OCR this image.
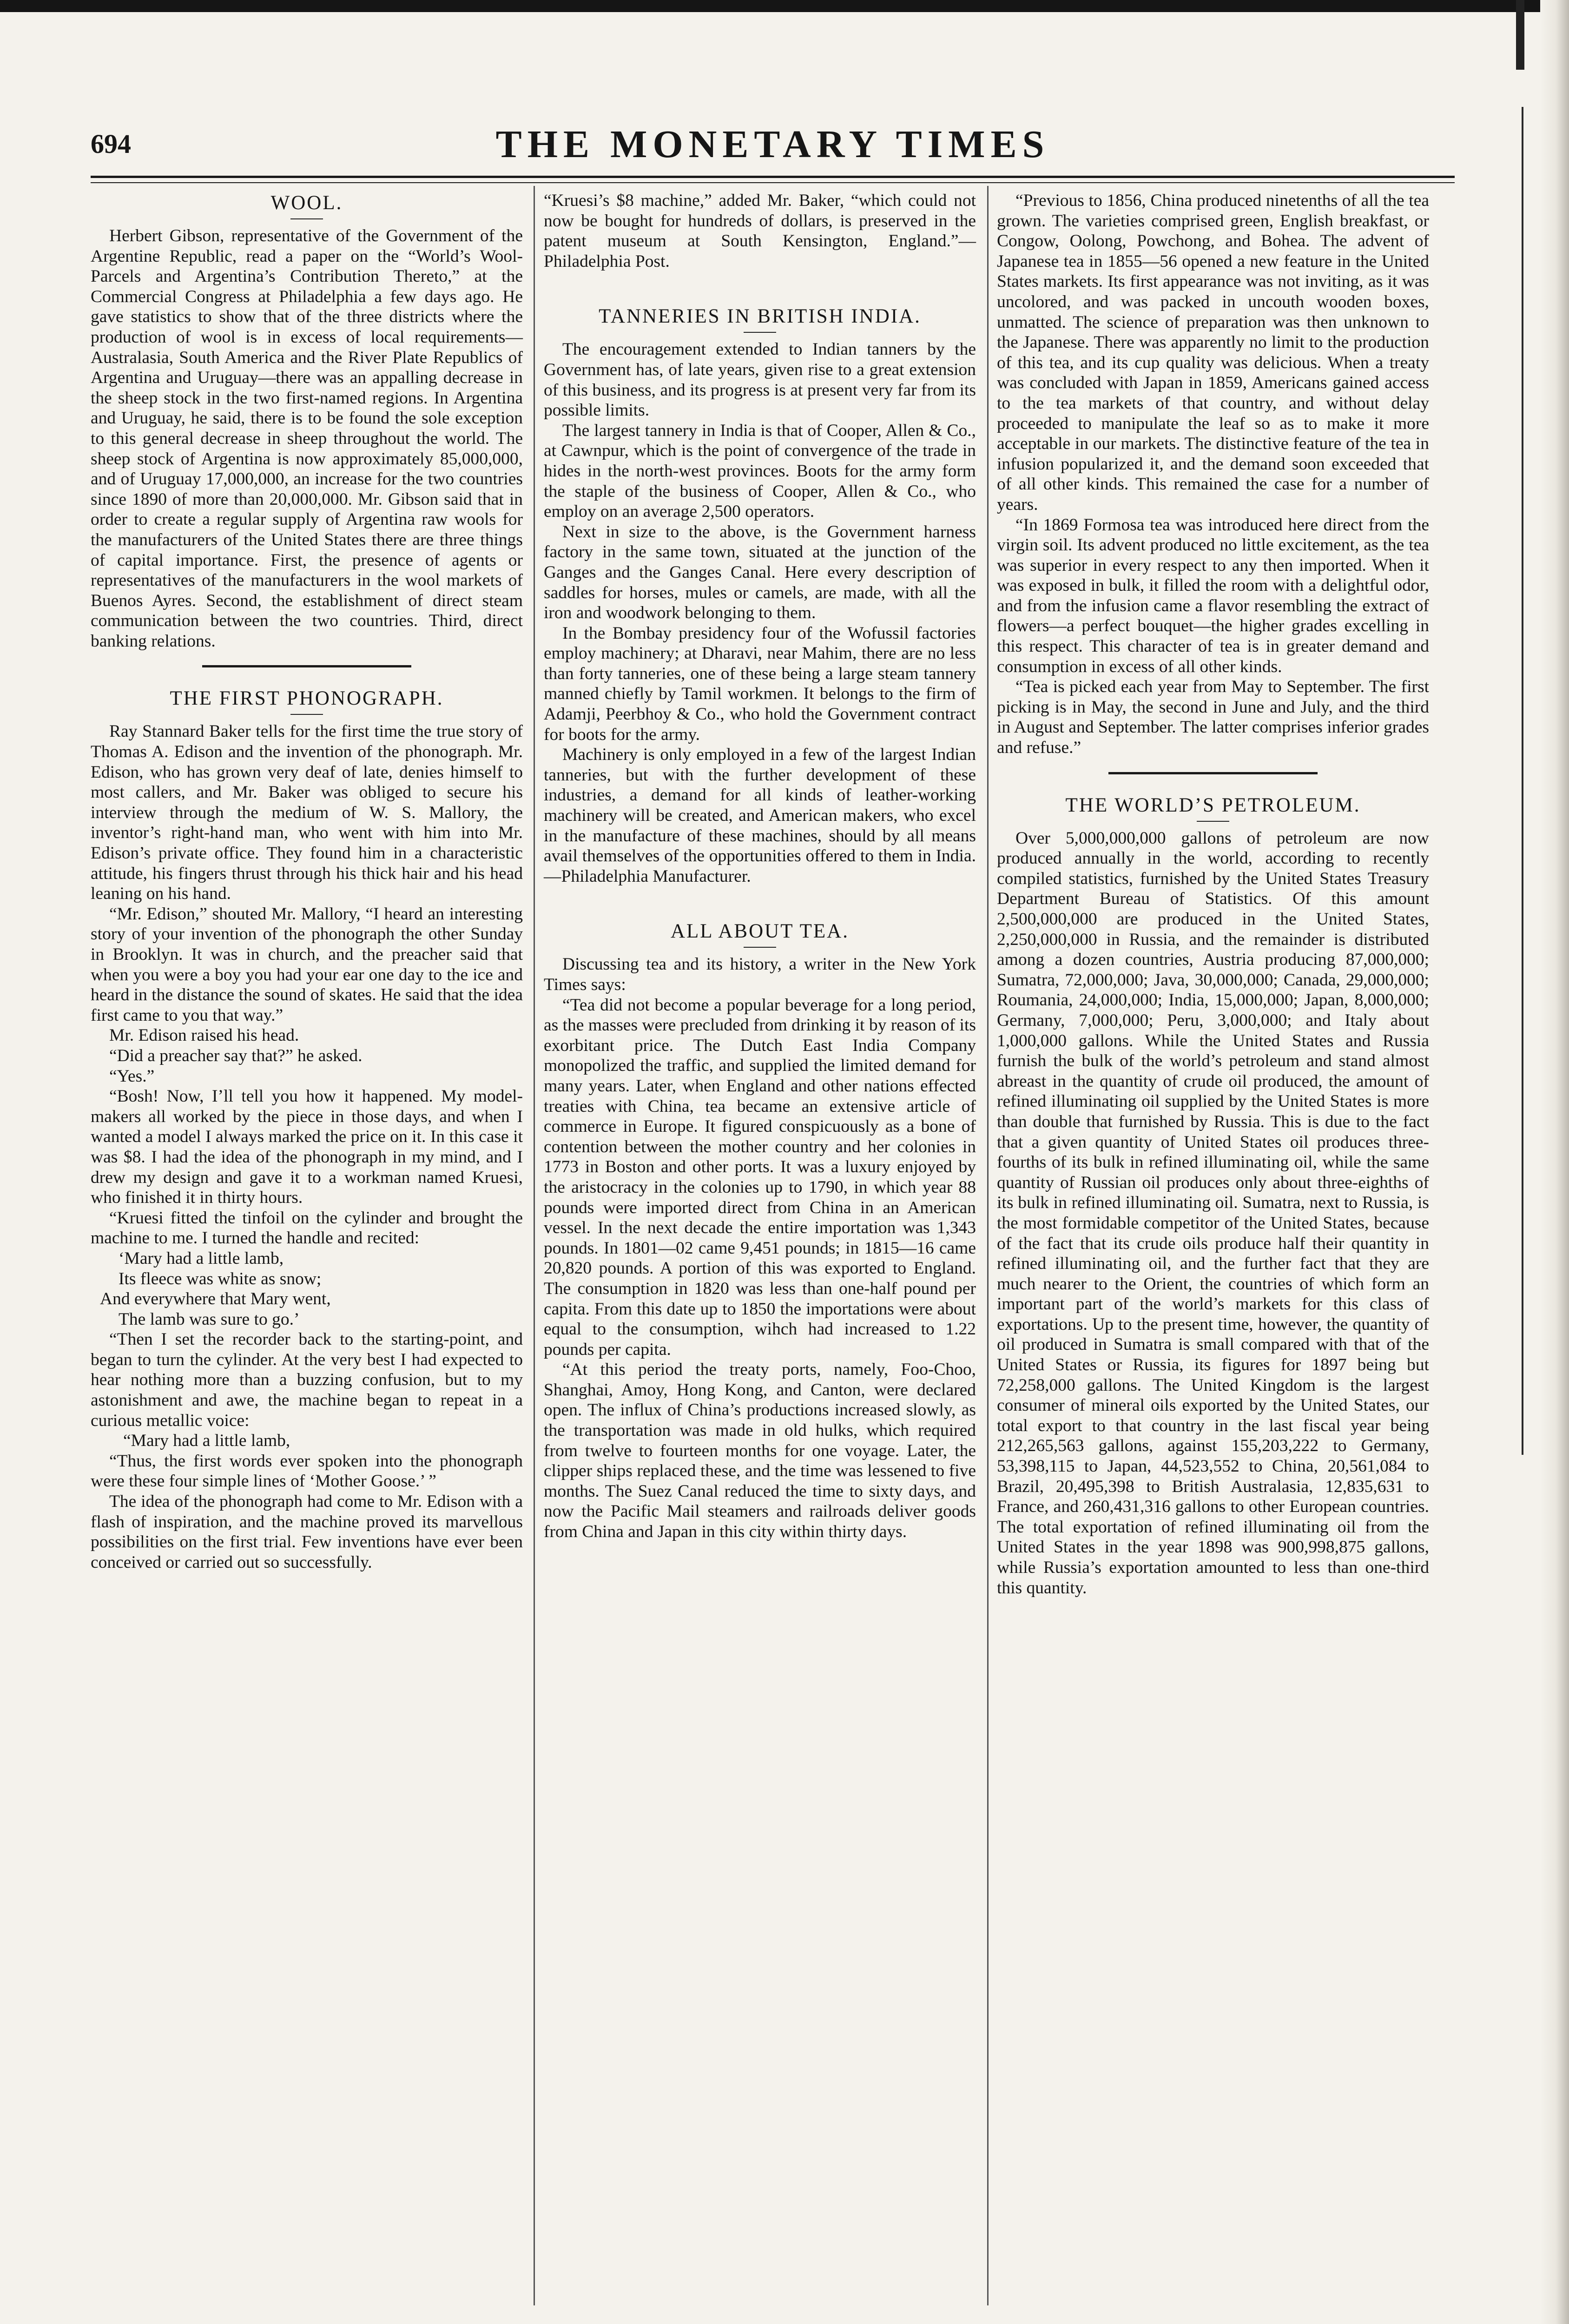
694	THE MONETARY TIMES
WOOL.

Herbert Gibson, representative of the Government of the Argentine Republic, read a paper on the “World’s Wool-Parcels and Argentina’s Contribution Thereto,” at the Commercial Congress at Philadelphia a few days ago. He gave statistics to show that of the three districts where the production of wool is in excess of local requirements—Australasia, South America and the River Plate Republics of Argentina and Uruguay—there was an appalling decrease in the sheep stock in the two first-named regions. In Argentina and Uruguay, he said, there is to be found the sole exception to this general decrease in sheep throughout the world. The sheep stock of Argentina is now approximately 85,000,000, and of Uruguay 17,000,000, an increase for the two countries since 1890 of more than 20,000,000. Mr. Gibson said that in order to create a regular supply of Argentina raw wools for the manufacturers of the United States there are three things of capital importance. First, the presence of agents or representatives of the manufacturers in the wool markets of Buenos Ayres. Second, the establishment of direct steam communication between the two countries. Third, direct banking relations.

THE FIRST PHONOGRAPH.

Ray Stannard Baker tells for the first time the true story of Thomas A. Edison and the invention of the phonograph. Mr. Edison, who has grown very deaf of late, denies himself to most callers, and Mr. Baker was obliged to secure his interview through the medium of W. S. Mallory, the inventor’s right-hand man, who went with him into Mr. Edison’s private office. They found him in a characteristic attitude, his fingers thrust through his thick hair and his head leaning on his hand.

“Mr. Edison,” shouted Mr. Mallory, “I heard an interesting story of your invention of the phonograph the other Sunday in Brooklyn. It was in church, and the preacher said that when you were a boy you had your ear one day to the ice and heard in the distance the sound of skates. He said that the idea first came to you that way.”

Mr. Edison raised his head.

“Did a preacher say that?” he asked.

“Yes.”

“Bosh! Now, I’ll tell you how it happened. My model-makers all worked by the piece in those days, and when I wanted a model I always marked the price on it. In this case it was $8. I had the idea of the phonograph in my mind, and I drew my design and gave it to a workman named Kruesi, who finished it in thirty hours.

“Kruesi fitted the tinfoil on the cylinder and brought the machine to me. I turned the handle and recited:

‘Mary had a little lamb,
Its fleece was white as snow;
And everywhere that Mary went,
The lamb was sure to go.’

“Then I set the recorder back to the starting-point, and began to turn the cylinder. At the very best I had expected to hear nothing more than a buzzing confusion, but to my astonishment and awe, the machine began to repeat in a curious metallic voice:

“Mary had a little lamb,

“Thus, the first words ever spoken into the phonograph were these four simple lines of ‘Mother Goose.’ ”

The idea of the phonograph had come to Mr. Edison with a flash of inspiration, and the machine proved its marvellous possibilities on the first trial. Few inventions have ever been conceived or carried out so successfully.

“Kruesi’s $8 machine,” added Mr. Baker, “which could not now be bought for hundreds of dollars, is preserved in the patent museum at South Kensington, England.”—Philadelphia Post.

TANNERIES IN BRITISH INDIA.

The encouragement extended to Indian tanners by the Government has, of late years, given rise to a great extension of this business, and its progress is at present very far from its possible limits.

The largest tannery in India is that of Cooper, Allen & Co., at Cawnpur, which is the point of convergence of the trade in hides in the north-west provinces. Boots for the army form the staple of the business of Cooper, Allen & Co., who employ on an average 2,500 operators.

Next in size to the above, is the Government harness factory in the same town, situated at the junction of the Ganges and the Ganges Canal. Here every description of saddles for horses, mules or camels, are made, with all the iron and woodwork belonging to them.

In the Bombay presidency four of the Wofussil factories employ machinery; at Dharavi, near Mahim, there are no less than forty tanneries, one of these being a large steam tannery manned chiefly by Tamil workmen. It belongs to the firm of Adamji, Peerbhoy & Co., who hold the Government contract for boots for the army.

Machinery is only employed in a few of the largest Indian tanneries, but with the further development of these industries, a demand for all kinds of leather-working machinery will be created, and American makers, who excel in the manufacture of these machines, should by all means avail themselves of the opportunities offered to them in India.—Philadelphia Manufacturer.

ALL ABOUT TEA.

Discussing tea and its history, a writer in the New York Times says:

“Tea did not become a popular beverage for a long period, as the masses were precluded from drinking it by reason of its exorbitant price. The Dutch East India Company monopolized the traffic, and supplied the limited demand for many years. Later, when England and other nations effected treaties with China, tea became an extensive article of commerce in Europe. It figured conspicuously as a bone of contention between the mother country and her colonies in 1773 in Boston and other ports. It was a luxury enjoyed by the aristocracy in the colonies up to 1790, in which year 88 pounds were imported direct from China in an American vessel. In the next decade the entire importation was 1,343 pounds. In 1801—02 came 9,451 pounds; in 1815—16 came 20,820 pounds. A portion of this was exported to England. The consumption in 1820 was less than one-half pound per capita. From this date up to 1850 the importations were about equal to the consumption, wihch had increased to 1.22 pounds per capita.

“At this period the treaty ports, namely, Foo-Choo, Shanghai, Amoy, Hong Kong, and Canton, were declared open. The influx of China’s productions increased slowly, as the transportation was made in old hulks, which required from twelve to fourteen months for one voyage. Later, the clipper ships replaced these, and the time was lessened to five months. The Suez Canal reduced the time to sixty days, and now the Pacific Mail steamers and railroads deliver goods from China and Japan in this city within thirty days.

“Previous to 1856, China produced ninetenths of all the tea grown. The varieties comprised green, English breakfast, or Congow, Oolong, Powchong, and Bohea. The advent of Japanese tea in 1855—56 opened a new feature in the United States markets. Its first appearance was not inviting, as it was uncolored, and was packed in uncouth wooden boxes, unmatted. The science of preparation was then unknown to the Japanese. There was apparently no limit to the production of this tea, and its cup quality was delicious. When a treaty was concluded with Japan in 1859, Americans gained access to the tea markets of that country, and without delay proceeded to manipulate the leaf so as to make it more acceptable in our markets. The distinctive feature of the tea in infusion popularized it, and the demand soon exceeded that of all other kinds. This remained the case for a number of years.

“In 1869 Formosa tea was introduced here direct from the virgin soil. Its advent produced no little excitement, as the tea was superior in every respect to any then imported. When it was exposed in bulk, it filled the room with a delightful odor, and from the infusion came a flavor resembling the extract of flowers—a perfect bouquet—the higher grades excelling in this respect. This character of tea is in greater demand and consumption in excess of all other kinds.

“Tea is picked each year from May to September. The first picking is in May, the second in June and July, and the third in August and September. The latter comprises inferior grades and refuse.”

THE WORLD’S PETROLEUM.

Over 5,000,000,000 gallons of petroleum are now produced annually in the world, according to recently compiled statistics, furnished by the United States Treasury Department Bureau of Statistics. Of this amount 2,500,000,000 are produced in the United States, 2,250,000,000 in Russia, and the remainder is distributed among a dozen countries, Austria producing 87,000,000; Sumatra, 72,000,000; Java, 30,000,000; Canada, 29,000,000; Roumania, 24,000,000; India, 15,000,000; Japan, 8,000,000; Germany, 7,000,000; Peru, 3,000,000; and Italy about 1,000,000 gallons. While the United States and Russia furnish the bulk of the world’s petroleum and stand almost abreast in the quantity of crude oil produced, the amount of refined illuminating oil supplied by the United States is more than double that furnished by Russia. This is due to the fact that a given quantity of United States oil produces three-fourths of its bulk in refined illuminating oil, while the same quantity of Russian oil produces only about three-eighths of its bulk in refined illuminating oil. Sumatra, next to Russia, is the most formidable competitor of the United States, because of the fact that its crude oils produce half their quantity in refined illuminating oil, and the further fact that they are much nearer to the Orient, the countries of which form an important part of the world’s markets for this class of exportations. Up to the present time, however, the quantity of oil produced in Sumatra is small compared with that of the United States or Russia, its figures for 1897 being but 72,258,000 gallons. The United Kingdom is the largest consumer of mineral oils exported by the United States, our total export to that country in the last fiscal year being 212,265,563 gallons, against 155,203,222 to Germany, 53,398,115 to Japan, 44,523,552 to China, 20,561,084 to Brazil, 20,495,398 to British Australasia, 12,835,631 to France, and 260,431,316 gallons to other European countries. The total exportation of refined illuminating oil from the United States in the year 1898 was 900,998,875 gallons, while Russia’s exportation amounted to less than one-third this quantity.
